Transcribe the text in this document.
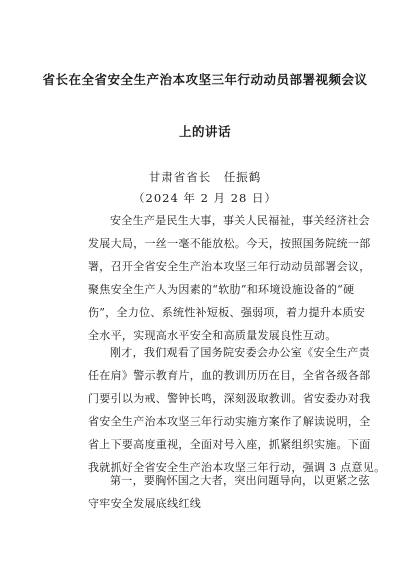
省长在全省安全生产治本攻坚三年行动动员部署视频会议
上的讲话
甘肃省省长　任振鹤
（2024 年 2 月 28 日）
安全生产是民生大事，事关人民福祉，事关经济社会
发展大局，一丝一毫不能放松。今天，按照国务院统一部
署，召开全省安全生产治本攻坚三年行动动员部署会议，
聚焦安全生产人为因素的“软肋”和环境设施设备的“硬
伤”，全力位、系统性补短板、强弱项，着力提升本质安
全水平，实现高水平安全和高质量发展良性互动。
刚才，我们观看了国务院安委会办公室《安全生产责
任在肩》警示教育片，血的教训历历在目，全省各级各部
门要引以为戒、警钟长鸣，深刻汲取教训。省安委办对我
省安全生产治本攻坚三年行动实施方案作了解读说明，全
省上下要高度重视，全面对号入座，抓紧组织实施。下面
我就抓好全省安全生产治本攻坚三年行动，强调 3 点意见。
第一，要胸怀国之大者，突出问题导向，以更紧之弦
守牢安全发展底线红线
